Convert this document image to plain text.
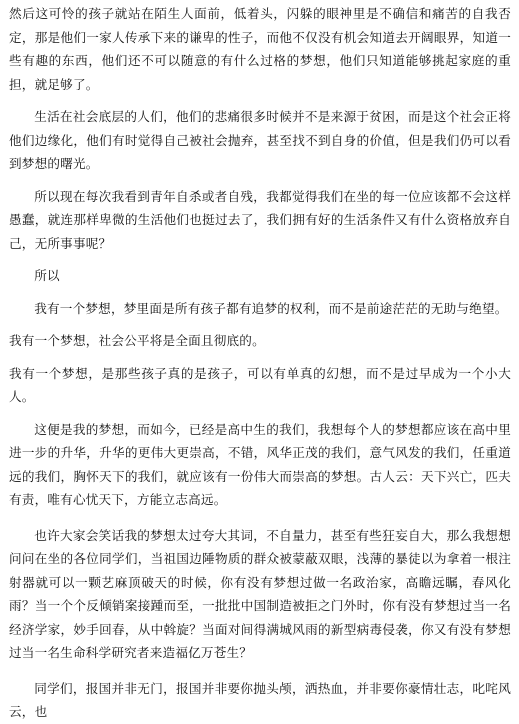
然后这可怜的孩子就站在陌生人面前，低着头，闪躲的眼神里是不确信和痛苦的自我否定，那是他们一家人传承下来的谦卑的性子，而他不仅没有机会知道去开阔眼界，知道一些有趣的东西，他们还不可以随意的有什么过格的梦想，他们只知道能够挑起家庭的重担，就足够了。

生活在社会底层的人们，他们的悲痛很多时候并不是来源于贫困，而是这个社会正将他们边缘化，他们有时觉得自己被社会抛弃，甚至找不到自身的价值，但是我们仍可以看到梦想的曙光。

所以现在每次我看到青年自杀或者自残，我都觉得我们在坐的每一位应该都不会这样愚蠢，就连那样卑微的生活他们也挺过去了，我们拥有好的生活条件又有什么资格放弃自己，无所事事呢？

所以

我有一个梦想，梦里面是所有孩子都有追梦的权利，而不是前途茫茫的无助与绝望。

我有一个梦想，社会公平将是全面且彻底的。

我有一个梦想，是那些孩子真的是孩子，可以有单真的幻想，而不是过早成为一个小大人。

这便是我的梦想，而如今，已经是高中生的我们，我想每个人的梦想都应该在高中里进一步的升华，升华的更伟大更崇高，不错，风华正茂的我们，意气风发的我们，任重道远的我们，胸怀天下的我们，就应该有一份伟大而崇高的梦想。古人云：天下兴亡，匹夫有责，唯有心忧天下，方能立志高远。

也许大家会笑话我的梦想太过夸大其词，不自量力，甚至有些狂妄自大，那么我想想问问在坐的各位同学们，当祖国边陲物质的群众被蒙蔽双眼，浅薄的暴徒以为拿着一根注射器就可以一颗艺麻顶破天的时候，你有没有梦想过做一名政治家，高瞻远瞩，春风化雨？当一个个反倾销案接踵而至，一批批中国制造被拒之门外时，你有没有梦想过当一名经济学家，妙手回春，从中斡旋？当面对间得满城风雨的新型病毒侵袭，你又有没有梦想过当一名生命科学研究者来造福亿万苍生？

同学们，报国并非无门，报国并非要你抛头颅，洒热血，并非要你豪情壮志，叱咤风云，也
